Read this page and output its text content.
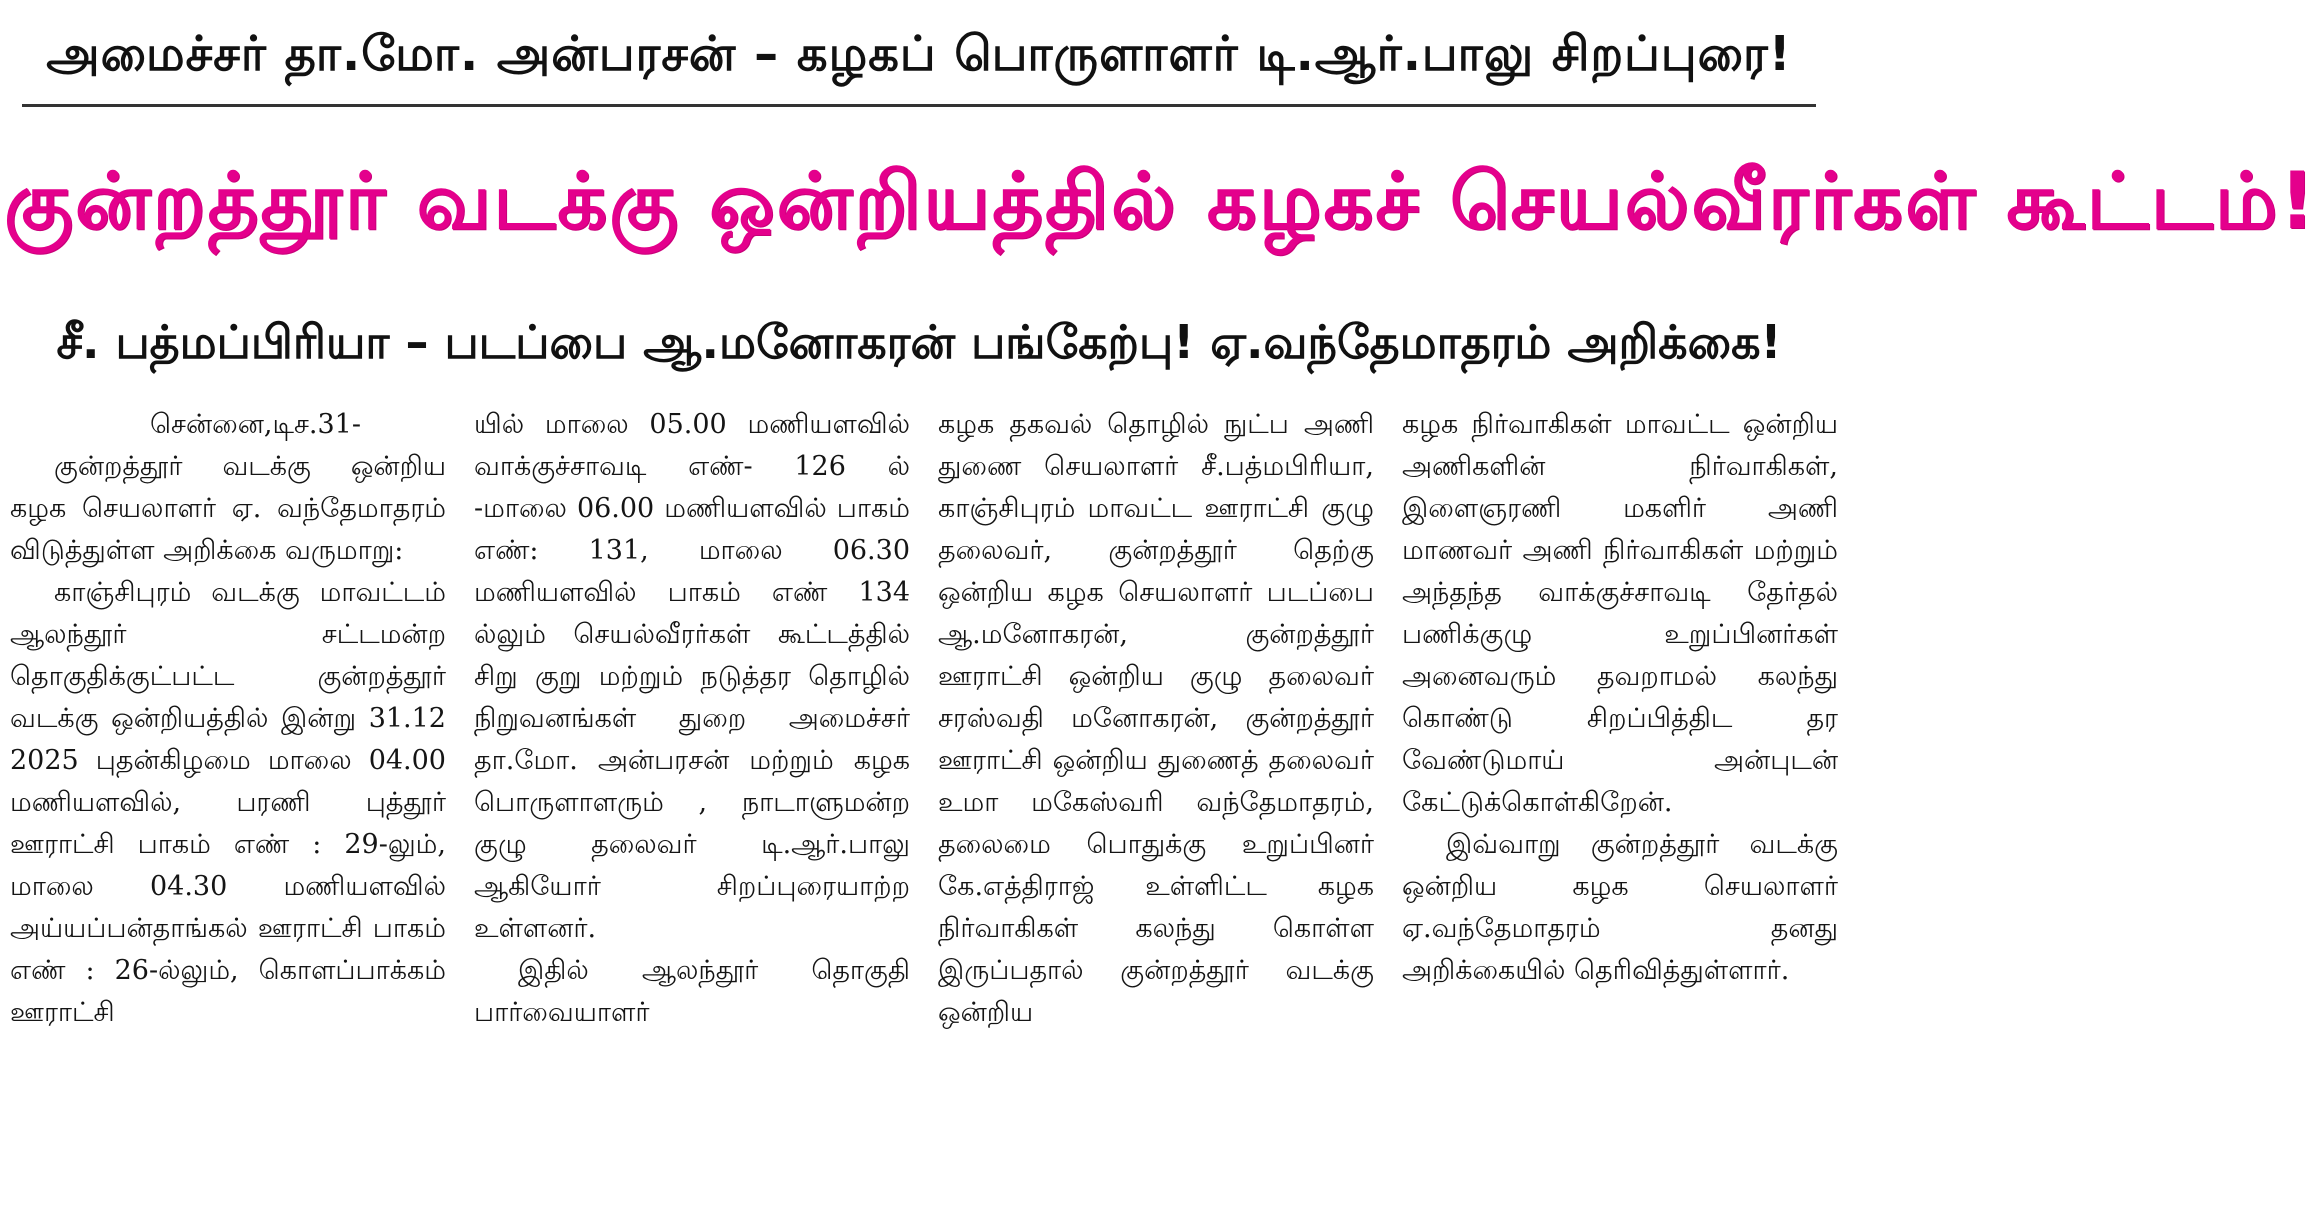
அமைச்சர் தா.மோ. அன்பரசன் – கழகப் பொருளாளர் டி.ஆர்.பாலு சிறப்புரை!
குன்றத்தூர் வடக்கு ஒன்றியத்தில் கழகச் செயல்வீரர்கள் கூட்டம்!
சீ. பத்மப்பிரியா – படப்பை ஆ.மனோகரன் பங்கேற்பு! ஏ.வந்தேமாதரம் அறிக்கை!

சென்னை,டிச.31-

குன்றத்தூர் வடக்கு ஒன்றிய கழக செயலாளர் ஏ. வந்தேமாதரம் விடுத்துள்ள அறிக்கை வருமாறு:

காஞ்சிபுரம் வடக்கு மாவட்டம் ஆலந்தூர் சட்டமன்ற தொகுதிக்குட்பட்ட குன்றத்தூர் வடக்கு ஒன்றியத்தில் இன்று 31.12 2025 புதன்கிழமை மாலை 04.00 மணியளவில், பரணி புத்தூர் ஊராட்சி பாகம் எண் : 29-லும், மாலை 04.30 மணியளவில் அய்யப்பன்தாங்கல் ஊராட்சி பாகம் எண் : 26-ல்லும், கொளப்பாக்கம் ஊராட்சி

யில் மாலை 05.00 மணியளவில் வாக்குச்சாவடி எண்- 126 ல் -மாலை 06.00 மணியளவில் பாகம் எண்: 131, மாலை 06.30 மணியளவில் பாகம் எண் 134 ல்லும் செயல்வீரர்கள் கூட்டத்தில் சிறு குறு மற்றும் நடுத்தர தொழில் நிறுவனங்கள் துறை அமைச்சர் தா.மோ. அன்பரசன் மற்றும் கழக பொருளாளரும் , நாடாளுமன்ற குழு தலைவர் டி.ஆர்.பாலு ஆகியோர் சிறப்புரையாற்ற உள்ளனர்.

இதில் ஆலந்தூர் தொகுதி பார்வையாளர்

கழக தகவல் தொழில் நுட்ப அணி துணை செயலாளர் சீ.பத்மபிரியா, காஞ்சிபுரம் மாவட்ட ஊராட்சி குழு தலைவர், குன்றத்தூர் தெற்கு ஒன்றிய கழக செயலாளர் படப்பை ஆ.மனோகரன், குன்றத்தூர் ஊராட்சி ஒன்றிய குழு தலைவர் சரஸ்வதி மனோகரன், குன்றத்தூர் ஊராட்சி ஒன்றிய துணைத் தலைவர் உமா மகேஸ்வரி வந்தேமாதரம், தலைமை பொதுக்கு உறுப்பினர் கே.எத்திராஜ் உள்ளிட்ட கழக நிர்வாகிகள் கலந்து கொள்ள இருப்பதால் குன்றத்தூர் வடக்கு ஒன்றிய

கழக நிர்வாகிகள் மாவட்ட ஒன்றிய அணிகளின் நிர்வாகிகள், இளைஞரணி மகளிர் அணி மாணவர் அணி நிர்வாகிகள் மற்றும் அந்தந்த வாக்குச்சாவடி தேர்தல் பணிக்குழு உறுப்பினர்கள் அனைவரும் தவறாமல் கலந்து கொண்டு சிறப்பித்திட தர வேண்டுமாய் அன்புடன் கேட்டுக்கொள்கிறேன்.

இவ்வாறு குன்றத்தூர் வடக்கு ஒன்றிய கழக செயலாளர் ஏ.வந்தேமாதரம் தனது அறிக்கையில் தெரிவித்துள்ளார்.
